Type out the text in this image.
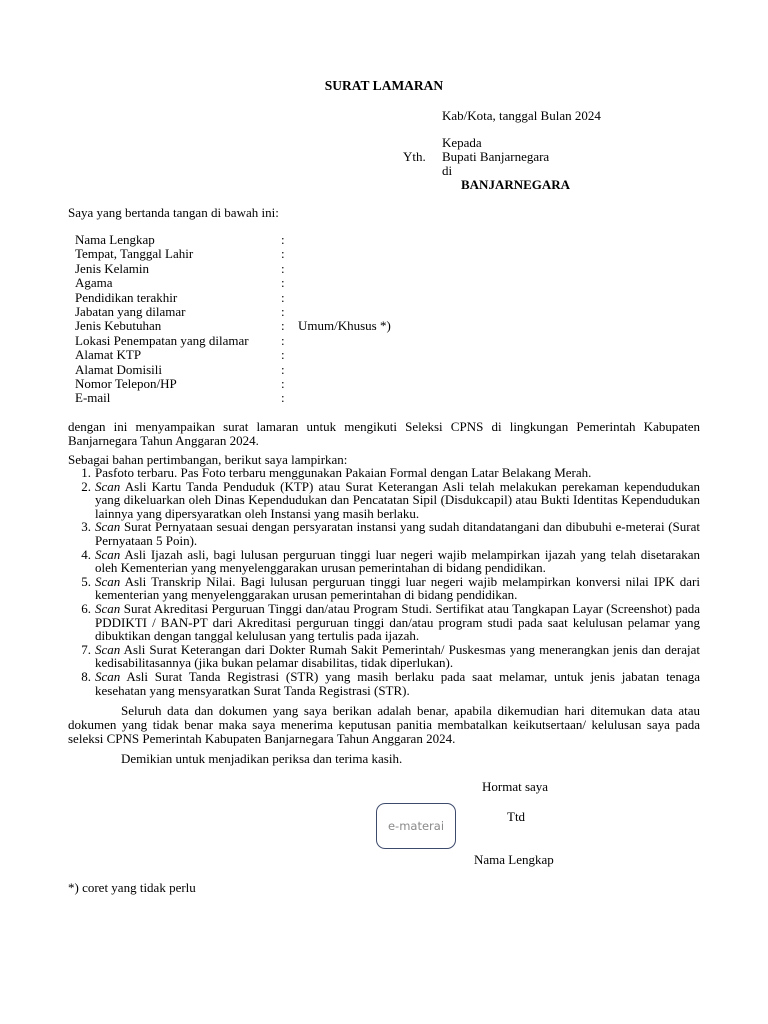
SURAT LAMARAN
Kab/Kota, tanggal Bulan 2024
Kepada
Yth. Bupati Banjarnegara
di
BANJARNEGARA
Saya yang bertanda tangan di bawah ini:
Nama Lengkap	:
Tempat, Tanggal Lahir	:
Jenis Kelamin	:
Agama	:
Pendidikan terakhir	:
Jabatan yang dilamar	:
Jenis Kebutuhan	: Umum/Khusus *)
Lokasi Penempatan yang dilamar :
Alamat KTP	:
Alamat Domisili	:
Nomor Telepon/HP	:
E-mail	:
dengan ini menyampaikan surat lamaran untuk mengikuti Seleksi CPNS di lingkungan Pemerintah Kabupaten Banjarnegara Tahun Anggaran 2024.
Sebagai bahan pertimbangan, berikut saya lampirkan:
1. Pasfoto terbaru. Pas Foto terbaru menggunakan Pakaian Formal dengan Latar Belakang Merah.
2. Scan Asli Kartu Tanda Penduduk (KTP) atau Surat Keterangan Asli telah melakukan perekaman kependudukan yang dikeluarkan oleh Dinas Kependudukan dan Pencatatan Sipil (Disdukcapil) atau Bukti Identitas Kependudukan lainnya yang dipersyaratkan oleh Instansi yang masih berlaku.
3. Scan Surat Pernyataan sesuai dengan persyaratan instansi yang sudah ditandatangani dan dibubuhi e-meterai (Surat Pernyataan 5 Poin).
4. Scan Asli Ijazah asli, bagi lulusan perguruan tinggi luar negeri wajib melampirkan ijazah yang telah disetarakan oleh Kementerian yang menyelenggarakan urusan pemerintahan di bidang pendidikan.
5. Scan Asli Transkrip Nilai. Bagi lulusan perguruan tinggi luar negeri wajib melampirkan konversi nilai IPK dari kementerian yang menyelenggarakan urusan pemerintahan di bidang pendidikan.
6. Scan Surat Akreditasi Perguruan Tinggi dan/atau Program Studi. Sertifikat atau Tangkapan Layar (Screenshot) pada PDDIKTI / BAN-PT dari Akreditasi perguruan tinggi dan/atau program studi pada saat kelulusan pelamar yang dibuktikan dengan tanggal kelulusan yang tertulis pada ijazah.
7. Scan Asli Surat Keterangan dari Dokter Rumah Sakit Pemerintah/ Puskesmas yang menerangkan jenis dan derajat kedisabilitasannya (jika bukan pelamar disabilitas, tidak diperlukan).
8. Scan Asli Surat Tanda Registrasi (STR) yang masih berlaku pada saat melamar, untuk jenis jabatan tenaga kesehatan yang mensyaratkan Surat Tanda Registrasi (STR).
Seluruh data dan dokumen yang saya berikan adalah benar, apabila dikemudian hari ditemukan data atau dokumen yang tidak benar maka saya menerima keputusan panitia membatalkan keikutsertaan/ kelulusan saya pada seleksi CPNS Pemerintah Kabupaten Banjarnegara Tahun Anggaran 2024.
Demikian untuk menjadikan periksa dan terima kasih.
Hormat saya
e-materai
Ttd
Nama Lengkap
*) coret yang tidak perlu
